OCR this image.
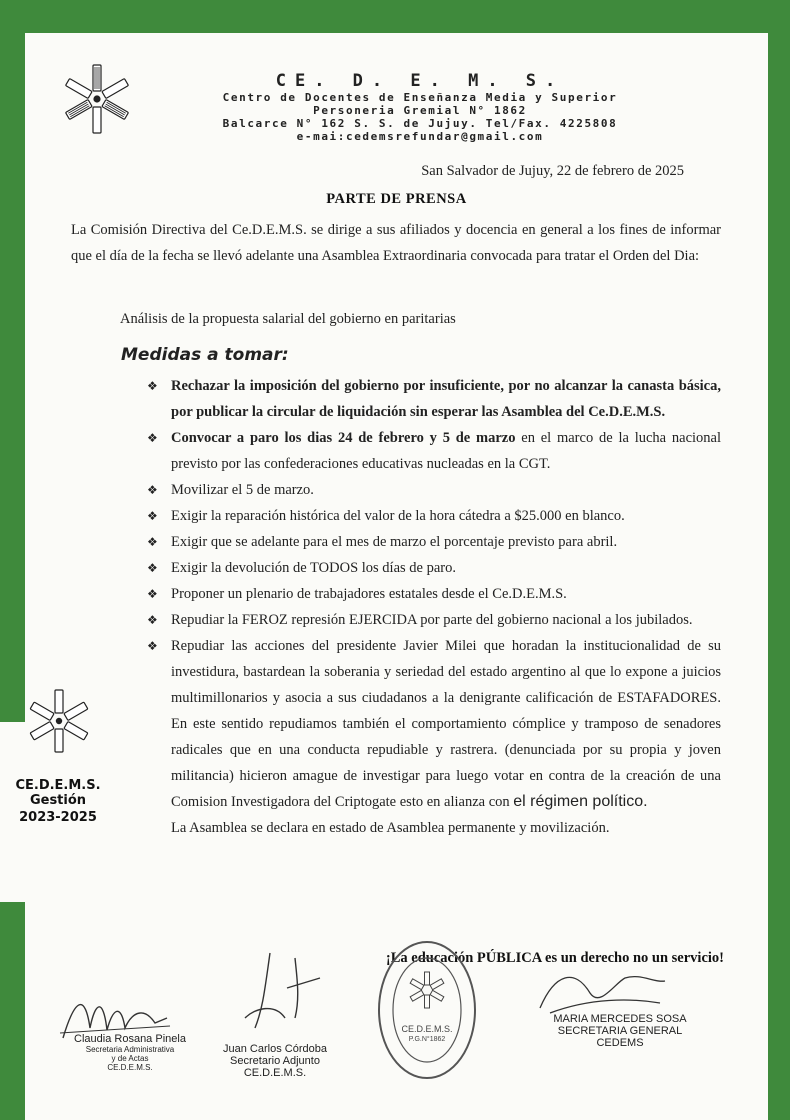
CE. D. E. M. S.
Centro de Docentes de Enseñanza Media y Superior
Personeria Gremial N° 1862
Balcarce N° 162 S. S. de Jujuy. Tel/Fax. 4225808
e-mai:cedemsrefundar@gmail.com
San Salvador de Jujuy, 22 de febrero de 2025
PARTE DE PRENSA
La Comisión Directiva del Ce.D.E.M.S. se dirige a sus afiliados y docencia en general a los fines de informar que el día de la fecha se llevó adelante una Asamblea Extraordinaria convocada para tratar el Orden del Dia:
Análisis de la propuesta salarial del gobierno en paritarias
Medidas a tomar:
❖ Rechazar la imposición del gobierno por insuficiente, por no alcanzar la canasta básica, por publicar la circular de liquidación sin esperar las Asamblea del Ce.D.E.M.S.
❖ Convocar a paro los dias 24 de febrero y 5 de marzo en el marco de la lucha nacional previsto por las confederaciones educativas nucleadas en la CGT.
❖ Movilizar el 5 de marzo.
❖ Exigir la reparación histórica del valor de la hora cátedra a $25.000 en blanco.
❖ Exigir que se adelante para el mes de marzo el porcentaje previsto para abril.
❖ Exigir la devolución de TODOS los días de paro.
❖ Proponer un plenario de trabajadores estatales desde el Ce.D.E.M.S.
❖ Repudiar la FEROZ represión EJERCIDA por parte del gobierno nacional a los jubilados.
❖ Repudiar las acciones del presidente Javier Milei que horadan la institucionalidad de su investidura, bastardean la soberania y seriedad del estado argentino al que lo expone a juicios multimillonarios y asocia a sus ciudadanos a la denigrante calificación de ESTAFADORES. En este sentido repudiamos también el comportamiento cómplice y tramposo de senadores radicales que en una conducta repudiable y rastrera. (denunciada por su propia y joven militancia) hicieron amague de investigar para luego votar en contra de la creación de una Comision Investigadora del Criptogate esto en alianza con el régimen político.
La Asamblea se declara en estado de Asamblea permanente y movilización.
¡La educación PÚBLICA es un derecho no un servicio!
Claudia Rosana Pinela
Secretaria Administrativa
y de Actas
CE.D.E.M.S.
Juan Carlos Córdoba
Secretario Adjunto
CE.D.E.M.S.
CE.D.E.M.S.
P.G.N°1862
MARIA MERCEDES SOSA
SECRETARIA GENERAL
CEDEMS
CE.D.E.M.S.
Gestión
2023-2025
